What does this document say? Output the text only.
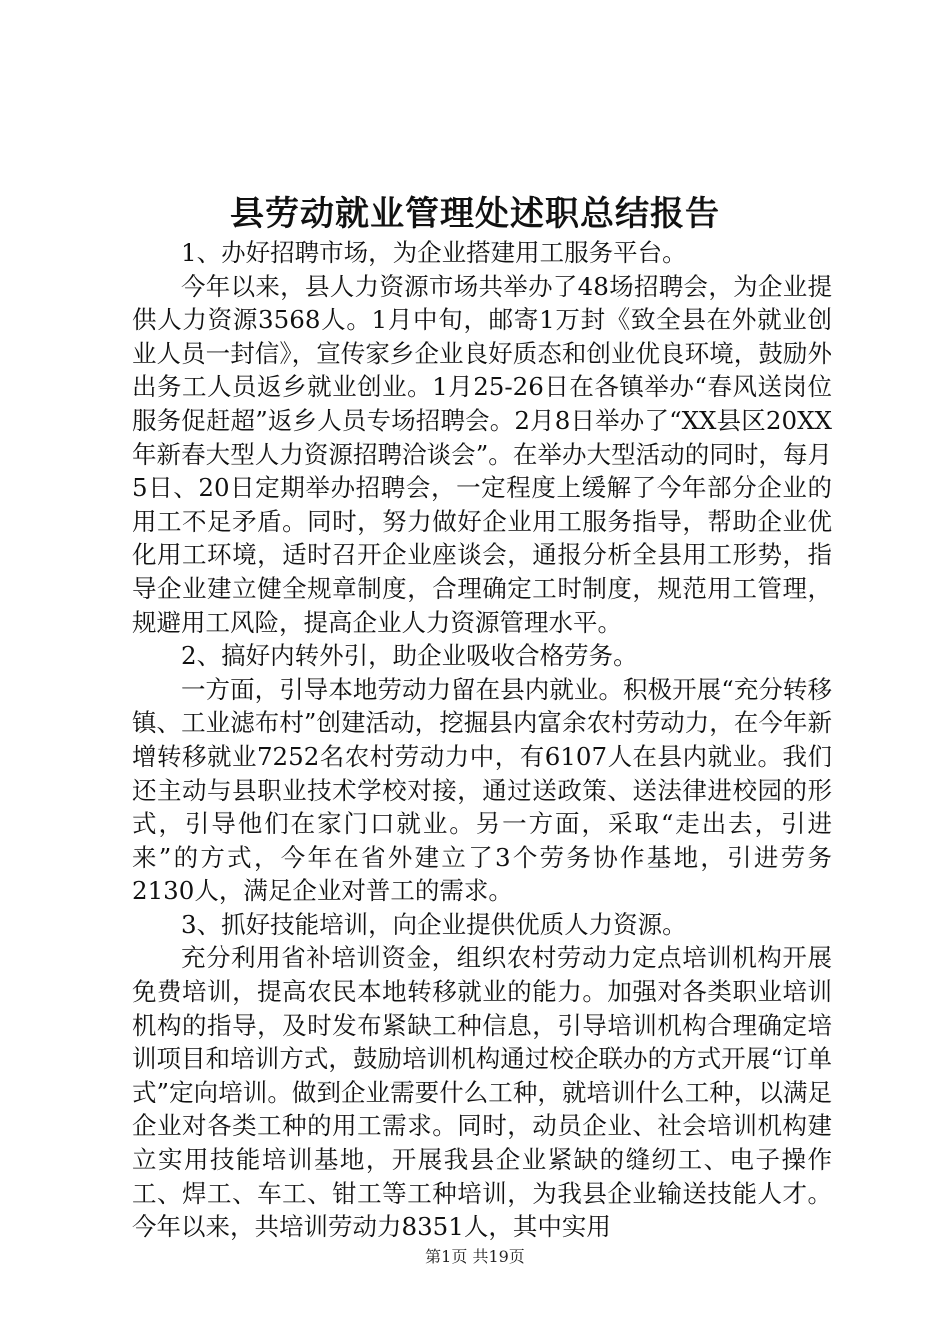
县劳动就业管理处述职总结报告

1、办好招聘市场，为企业搭建用工服务平台。

今年以来，县人力资源市场共举办了48场招聘会，为企业提供人力资源3568人。1月中旬，邮寄1万封《致全县在外就业创业人员一封信》，宣传家乡企业良好质态和创业优良环境，鼓励外出务工人员返乡就业创业。1月25-26日在各镇举办“春风送岗位服务促赶超”返乡人员专场招聘会。2月8日举办了“XX县区20XX年新春大型人力资源招聘洽谈会”。在举办大型活动的同时，每月5日、20日定期举办招聘会，一定程度上缓解了今年部分企业的用工不足矛盾。同时，努力做好企业用工服务指导，帮助企业优化用工环境，适时召开企业座谈会，通报分析全县用工形势，指导企业建立健全规章制度，合理确定工时制度，规范用工管理，规避用工风险，提高企业人力资源管理水平。

2、搞好内转外引，助企业吸收合格劳务。

一方面，引导本地劳动力留在县内就业。积极开展“充分转移镇、工业滤布村”创建活动，挖掘县内富余农村劳动力，在今年新增转移就业7252名农村劳动力中，有6107人在县内就业。我们还主动与县职业技术学校对接，通过送政策、送法律进校园的形式，引导他们在家门口就业。另一方面，采取“走出去，引进来”的方式，今年在省外建立了3个劳务协作基地，引进劳务2130人，满足企业对普工的需求。

3、抓好技能培训，向企业提供优质人力资源。

充分利用省补培训资金，组织农村劳动力定点培训机构开展免费培训，提高农民本地转移就业的能力。加强对各类职业培训机构的指导，及时发布紧缺工种信息，引导培训机构合理确定培训项目和培训方式，鼓励培训机构通过校企联办的方式开展“订单式”定向培训。做到企业需要什么工种，就培训什么工种，以满足企业对各类工种的用工需求。同时，动员企业、社会培训机构建立实用技能培训基地，开展我县企业紧缺的缝纫工、电子操作工、焊工、车工、钳工等工种培训，为我县企业输送技能人才。今年以来，共培训劳动力8351人，其中实用

第1页 共19页
